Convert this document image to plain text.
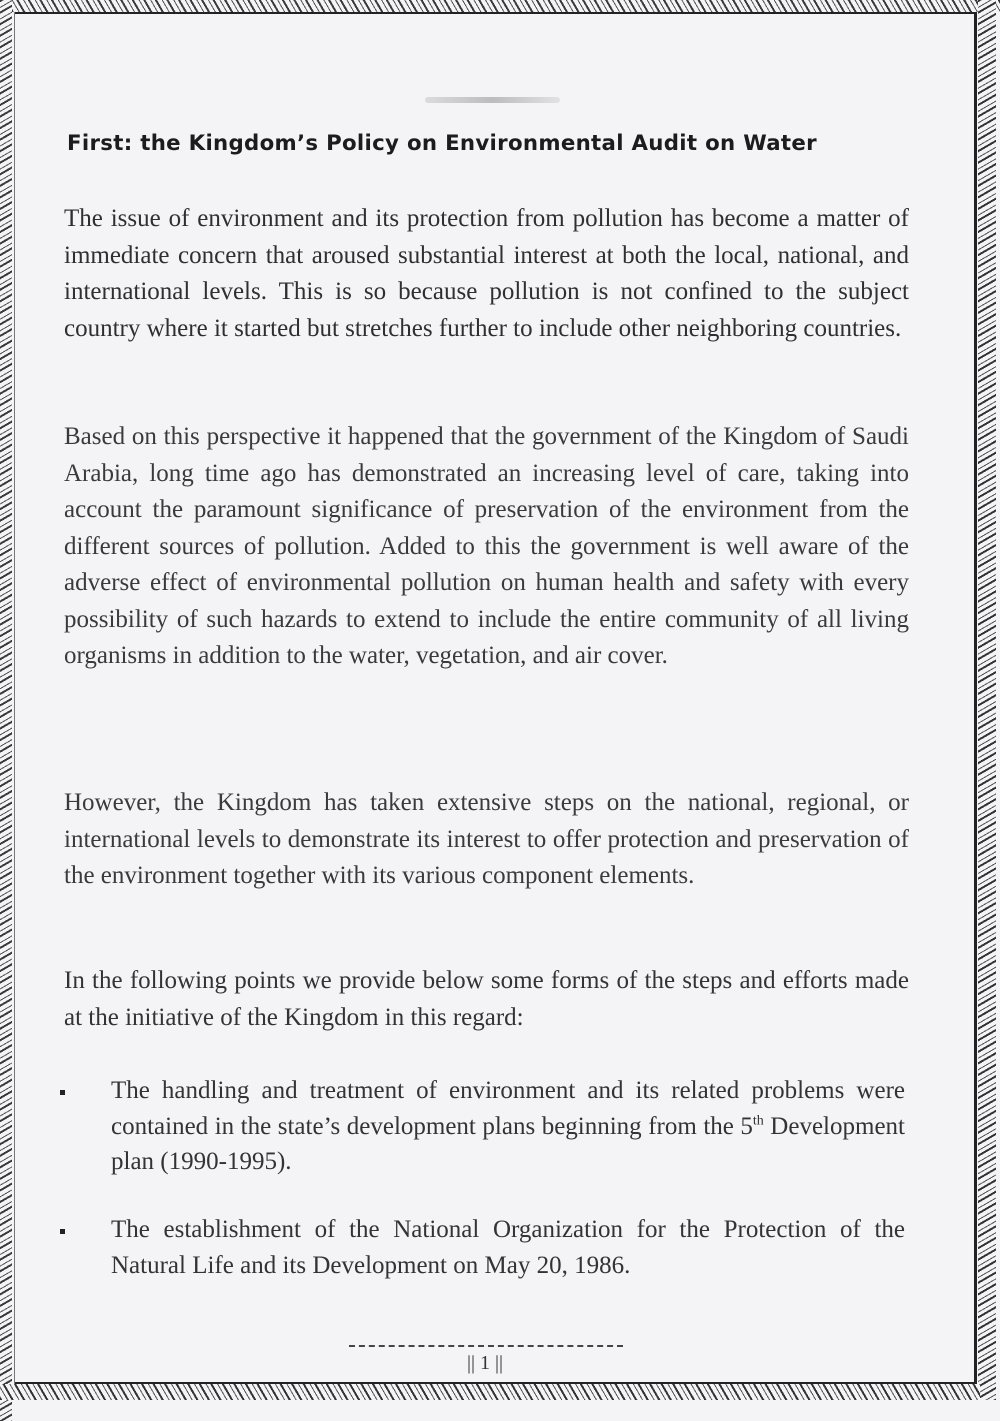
First: the Kingdom’s Policy on Environmental Audit on Water
The issue of environment and its protection from pollution has become a matter of immediate concern that aroused substantial interest at both the local, national, and international levels. This is so because pollution is not confined to the subject country where it started but stretches further to include other neighboring countries.
Based on this perspective it happened that the government of the Kingdom of Saudi Arabia, long time ago has demonstrated an increasing level of care, taking into account the paramount significance of preservation of the environment from the different sources of pollution. Added to this the government is well aware of the adverse effect of environmental pollution on human health and safety with every possibility of such hazards to extend to include the entire community of all living organisms in addition to the water, vegetation, and air cover.
However, the Kingdom has taken extensive steps on the national, regional, or international levels to demonstrate its interest to offer protection and preservation of the environment together with its various component elements.
In the following points we provide below some forms of the steps and efforts made at the initiative of the Kingdom in this regard:
The handling and treatment of environment and its related problems were contained in the state’s development plans beginning from the 5th Development plan (1990-1995).
The establishment of the National Organization for the Protection of the Natural Life and its Development on May 20, 1986.
|| 1 ||
